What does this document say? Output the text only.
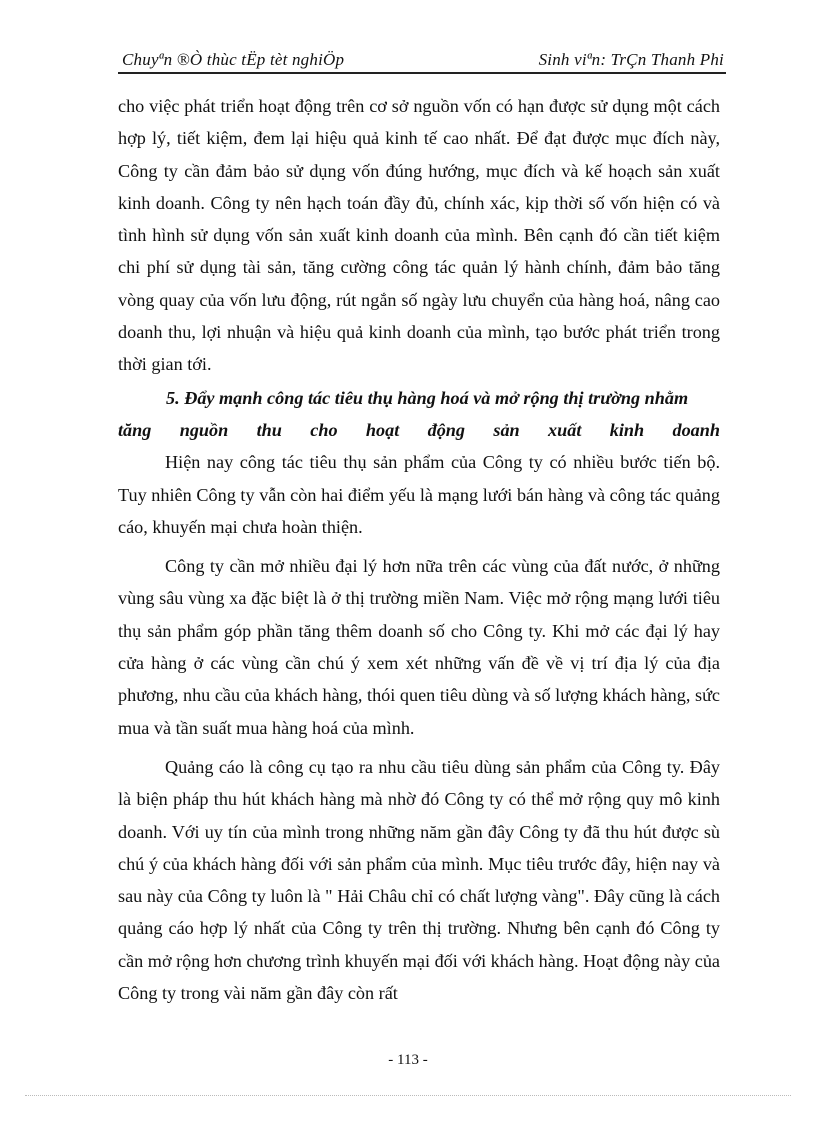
Chuyªn ®Ò thùc tËp tèt nghiÖp	Sinh viªn: TrÇn Thanh Phi

cho việc phát triển hoạt động trên cơ sở nguồn vốn có hạn được sử dụng một cách hợp lý, tiết kiệm, đem lại hiệu quả kinh tế cao nhất. Để đạt được mục đích này, Công ty cần đảm bảo sử dụng vốn đúng hướng, mục đích và kế hoạch sản xuất kinh doanh. Công ty nên hạch toán đầy đủ, chính xác, kịp thời số vốn hiện có và tình hình sử dụng vốn sản xuất kinh doanh của mình. Bên cạnh đó cần tiết kiệm chi phí sử dụng tài sản, tăng cường công tác quản lý hành chính, đảm bảo tăng vòng quay của vốn lưu động, rút ngắn số ngày lưu chuyển của hàng hoá, nâng cao doanh thu, lợi nhuận và hiệu quả kinh doanh của mình, tạo bước phát triển trong thời gian tới.

5. Đẩy mạnh công tác tiêu thụ hàng hoá và mở rộng thị trường nhằm
tăng nguồn thu cho hoạt động sản xuất kinh doanh

Hiện nay công tác tiêu thụ sản phẩm của Công ty có nhiều bước tiến bộ. Tuy nhiên Công ty vẫn còn hai điểm yếu là mạng lưới bán hàng và công tác quảng cáo, khuyến mại chưa hoàn thiện.

Công ty cần mở nhiều đại lý hơn nữa trên các vùng của đất nước, ở những vùng sâu vùng xa đặc biệt là ở thị trường miền Nam. Việc mở rộng mạng lưới tiêu thụ sản phẩm góp phần tăng thêm doanh số cho Công ty. Khi mở các đại lý hay cửa hàng ở các vùng cần chú ý xem xét những vấn đề về vị trí địa lý của địa phương, nhu cầu của khách hàng, thói quen tiêu dùng và số lượng khách hàng, sức mua và tần suất mua hàng hoá của mình.

Quảng cáo là công cụ tạo ra nhu cầu tiêu dùng sản phẩm của Công ty. Đây là biện pháp thu hút khách hàng mà nhờ đó Công ty có thể mở rộng quy mô kinh doanh. Với uy tín của mình trong những năm gần đây Công ty đã thu hút được sù chú ý của khách hàng đối với sản phẩm của mình. Mục tiêu trước đây, hiện nay và sau này của Công ty luôn là " Hải Châu chỉ có chất lượng vàng". Đây cũng là cách quảng cáo hợp lý nhất của Công ty trên thị trường. Nhưng bên cạnh đó Công ty cần mở rộng hơn chương trình khuyến mại đối với khách hàng. Hoạt động này của Công ty trong vài năm gần đây còn rất

- 113 -
